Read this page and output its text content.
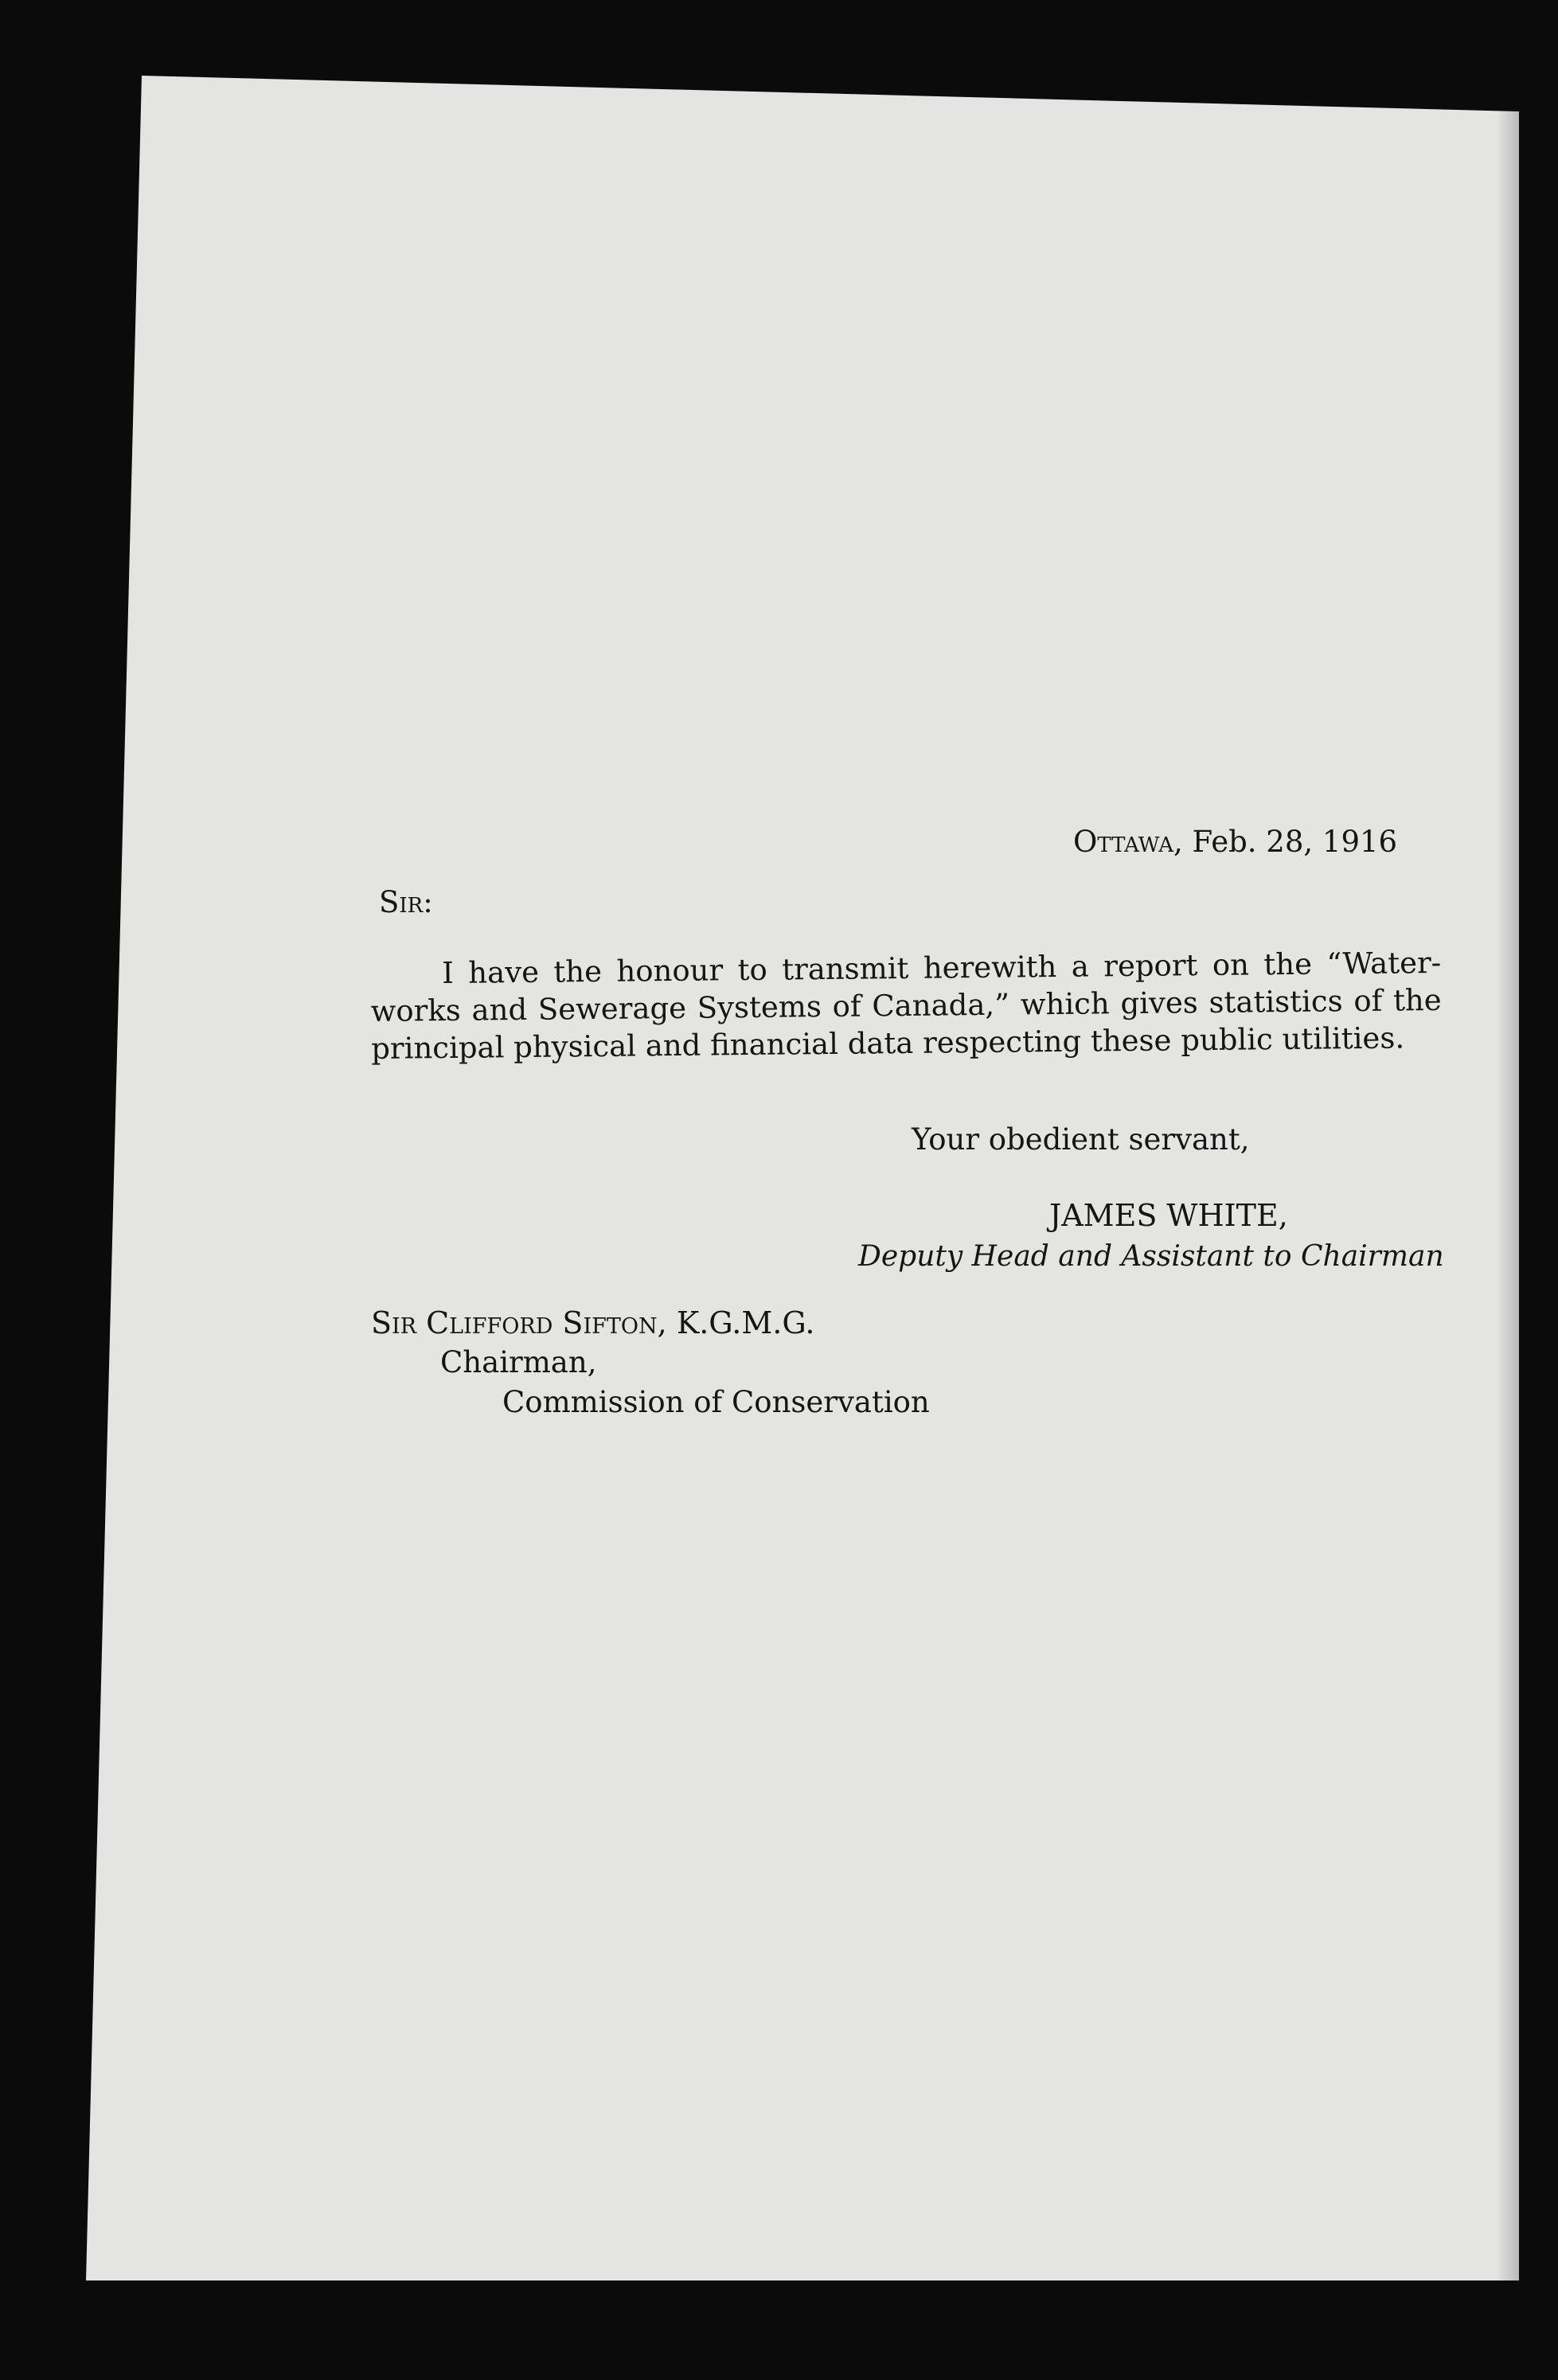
Ottawa, Feb. 28, 1916

Sir:

I have the honour to transmit herewith a report on the “Water-works and Sewerage Systems of Canada,” which gives statistics of the principal physical and financial data respecting these public utilities.

Your obedient servant,

JAMES WHITE,

Deputy Head and Assistant to Chairman

Sir Clifford Sifton, K.G.M.G.

Chairman,

Commission of Conservation
